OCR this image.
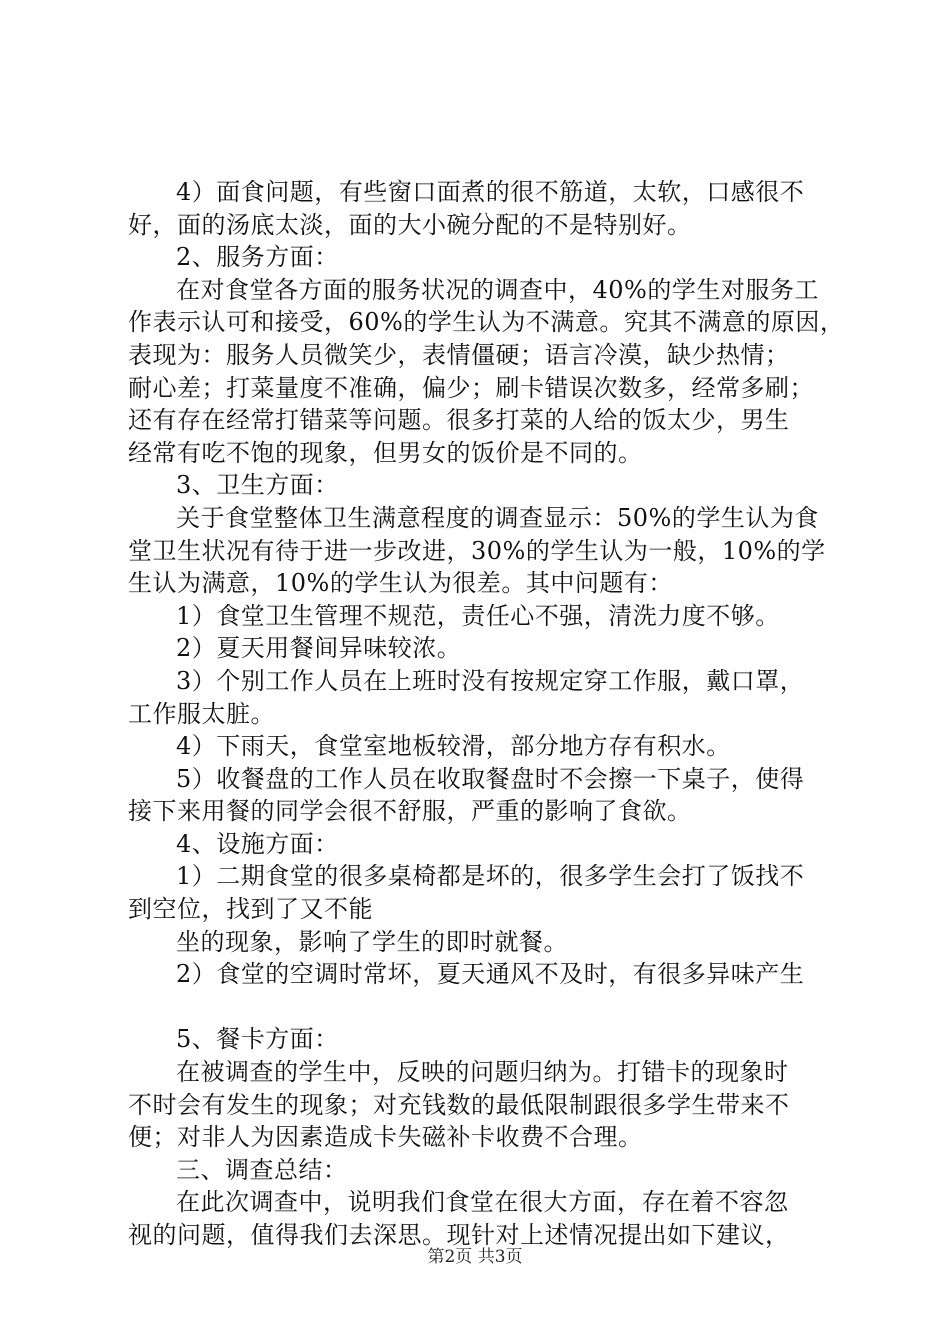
4）面食问题，有些窗口面煮的很不筋道，太软，口感很不
好，面的汤底太淡，面的大小碗分配的不是特别好。
2、服务方面：
在对食堂各方面的服务状况的调查中，40%的学生对服务工
作表示认可和接受，60%的学生认为不满意。究其不满意的原因，
表现为：服务人员微笑少，表情僵硬；语言冷漠，缺少热情；
耐心差；打菜量度不准确，偏少；刷卡错误次数多，经常多刷；
还有存在经常打错菜等问题。很多打菜的人给的饭太少，男生
经常有吃不饱的现象，但男女的饭价是不同的。
3、卫生方面：
关于食堂整体卫生满意程度的调查显示：50%的学生认为食
堂卫生状况有待于进一步改进，30%的学生认为一般，10%的学
生认为满意，10%的学生认为很差。其中问题有：
1）食堂卫生管理不规范，责任心不强，清洗力度不够。
2）夏天用餐间异味较浓。
3）个别工作人员在上班时没有按规定穿工作服，戴口罩，
工作服太脏。
4）下雨天，食堂室地板较滑，部分地方存有积水。
5）收餐盘的工作人员在收取餐盘时不会擦一下桌子，使得
接下来用餐的同学会很不舒服，严重的影响了食欲。
4、设施方面：
1）二期食堂的很多桌椅都是坏的，很多学生会打了饭找不
到空位，找到了又不能
坐的现象，影响了学生的即时就餐。
2）食堂的空调时常坏，夏天通风不及时，有很多异味产生
5、餐卡方面：
在被调查的学生中，反映的问题归纳为。打错卡的现象时
不时会有发生的现象；对充钱数的最低限制跟很多学生带来不
便；对非人为因素造成卡失磁补卡收费不合理。
三、调查总结：
在此次调查中，说明我们食堂在很大方面，存在着不容忽
视的问题，值得我们去深思。现针对上述情况提出如下建议，
第2页 共3页
